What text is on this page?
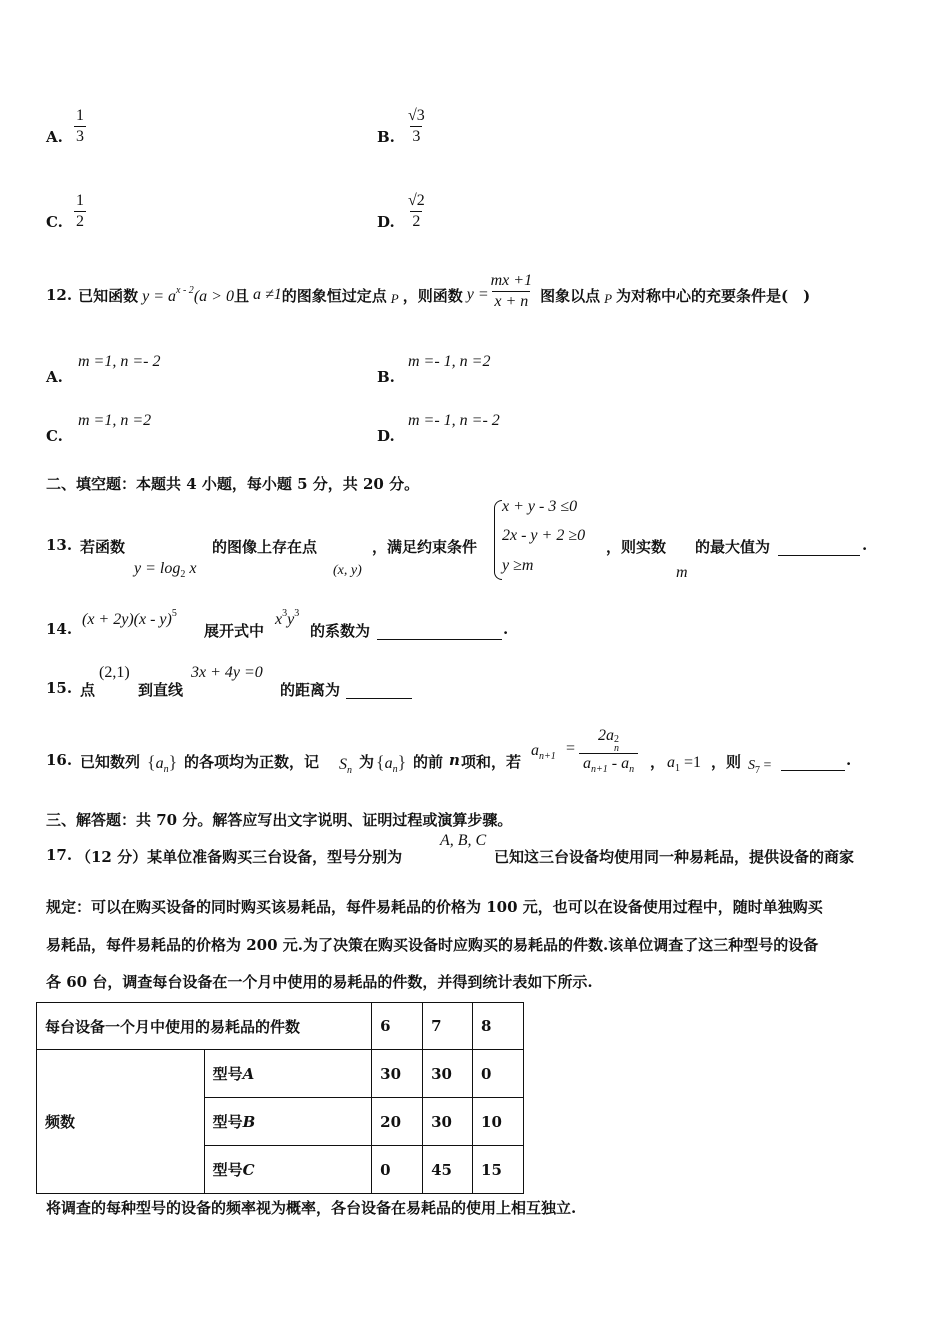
A. $\frac{1}{3}$	B. $\frac{√3}{3}$
C. $\frac{1}{2}$	D. $\frac{√2}{2}$
12. 已知函数 $y = a^{x - 2}(a > 0$ 且 a ≠1 的图象恒过定点 P ，则函数 $y = \frac{mx +1}{x + n}$ 图象以点 P 为对称中心的充要条件是(　)
A.
m =1, n =- 2
B.
m =- 1, n =2
C.
m =1, n =2
D.
m =- 1, n =- 2
二、填空题：本题共 4 小题，每小题 5 分，共 20 分。
13. 若函数
$y = \log_2 x$
的图像上存在点
(x, y)
，满足约束条件
x + y - 3 ≤0
2x - y + 2 ≥0
y ≥m
，则实数
m
的最大值为	.
14.
(x + 2y)(x - y)$^5$
展开式中
$x^3y^3$
的系数为	.
15. 点
(2,1)
到直线
3x + 4y =0
的距离为
16. 已知数列 $\{a_n\}$ 的各项均为正数，记 $S_n$ 为 $\{a_n\}$ 的前 n 项和，若
$a_{n+1} = 2a$ 2
n
$a_{n+1} - a_n$ ， $a_1 =1$ ，则 $S_7$ =	.
三、解答题：共 70 分。解答应写出文字说明、证明过程或演算步骤。
17. （12 分）某单位准备购买三台设备，型号分别为
A, B, C
已知这三台设备均使用同一种易耗品，提供设备的商家
规定：可以在购买设备的同时购买该易耗品，每件易耗品的价格为 100 元，也可以在设备使用过程中，随时单独购买
易耗品，每件易耗品的价格为 200 元.为了决策在购买设备时应购买的易耗品的件数.该单位调查了这三种型号的设备
各 60 台，调查每台设备在一个月中使用的易耗品的件数，并得到统计表如下所示.
每台设备一个月中使用的易耗品的件数		6	7	8
频数	型号A	30	30	0
	型号B	20	30	10
	型号C	0	45	15
将调查的每种型号的设备的频率视为概率，各台设备在易耗品的使用上相互独立.
